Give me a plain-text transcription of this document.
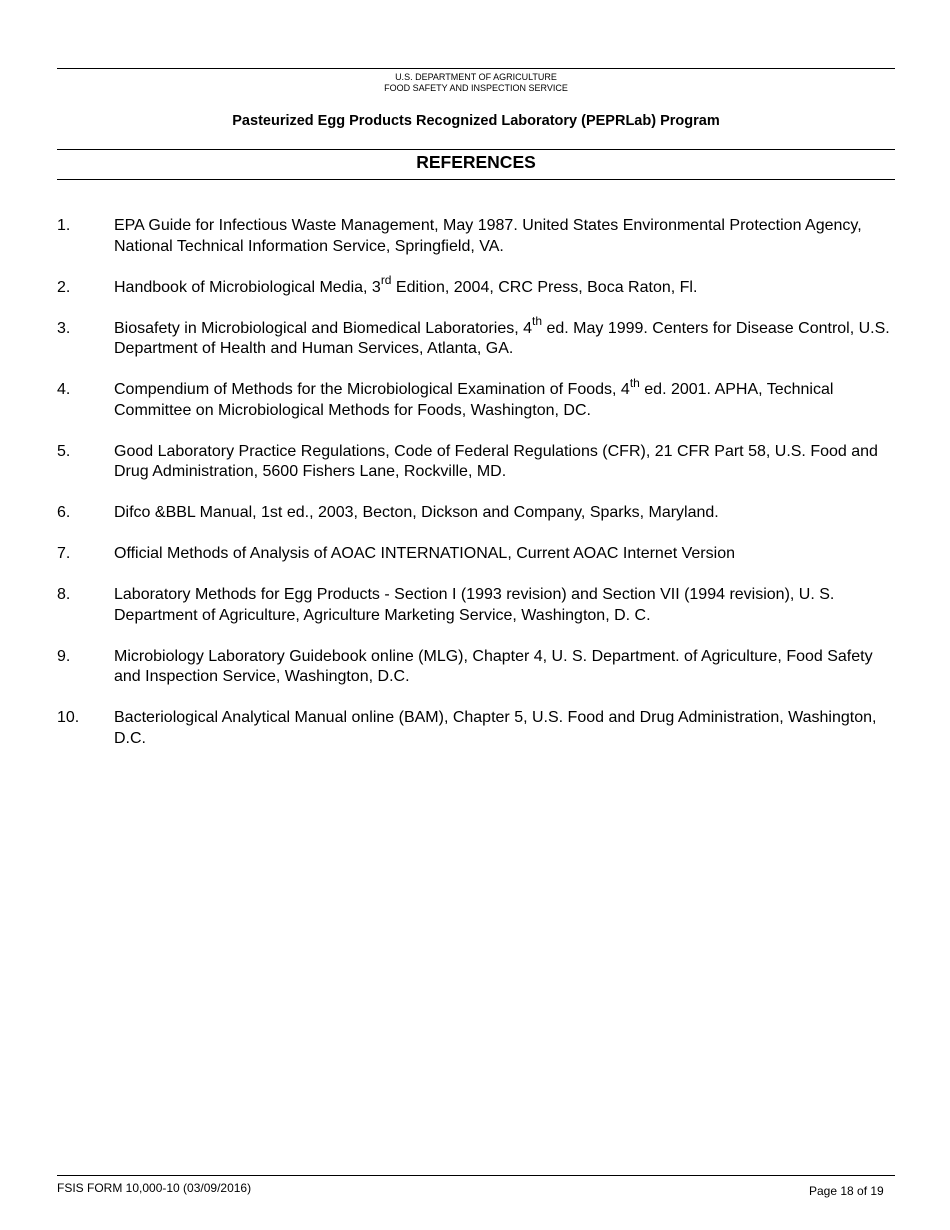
U.S. DEPARTMENT OF AGRICULTURE
FOOD SAFETY AND INSPECTION SERVICE
Pasteurized Egg Products Recognized Laboratory (PEPRLab) Program
REFERENCES
1.	EPA Guide for Infectious Waste Management, May 1987. United States Environmental Protection Agency, National Technical Information Service, Springfield, VA.
2.	Handbook of Microbiological Media, 3rd Edition, 2004, CRC Press, Boca Raton, Fl.
3.	Biosafety in Microbiological and Biomedical Laboratories, 4th ed. May 1999. Centers for Disease Control, U.S. Department of Health and Human Services, Atlanta, GA.
4.	Compendium of Methods for the Microbiological Examination of Foods, 4th ed. 2001. APHA, Technical Committee on Microbiological Methods for Foods, Washington, DC.
5.	Good Laboratory Practice Regulations, Code of Federal Regulations (CFR), 21 CFR Part 58, U.S. Food and Drug Administration, 5600 Fishers Lane, Rockville, MD.
6.	Difco &BBL Manual, 1st ed., 2003, Becton, Dickson and Company, Sparks, Maryland.
7.	Official Methods of Analysis of AOAC INTERNATIONAL, Current AOAC Internet Version
8.	Laboratory Methods for Egg Products - Section I (1993 revision) and Section VII (1994 revision), U. S. Department of Agriculture, Agriculture Marketing Service, Washington, D. C.
9.	Microbiology Laboratory Guidebook online (MLG), Chapter 4, U. S. Department. of Agriculture, Food Safety and Inspection Service, Washington, D.C.
10. Bacteriological Analytical Manual online (BAM), Chapter 5, U.S. Food and Drug Administration, Washington, D.C.
FSIS FORM 10,000-10 (03/09/2016)	Page 18 of 19
